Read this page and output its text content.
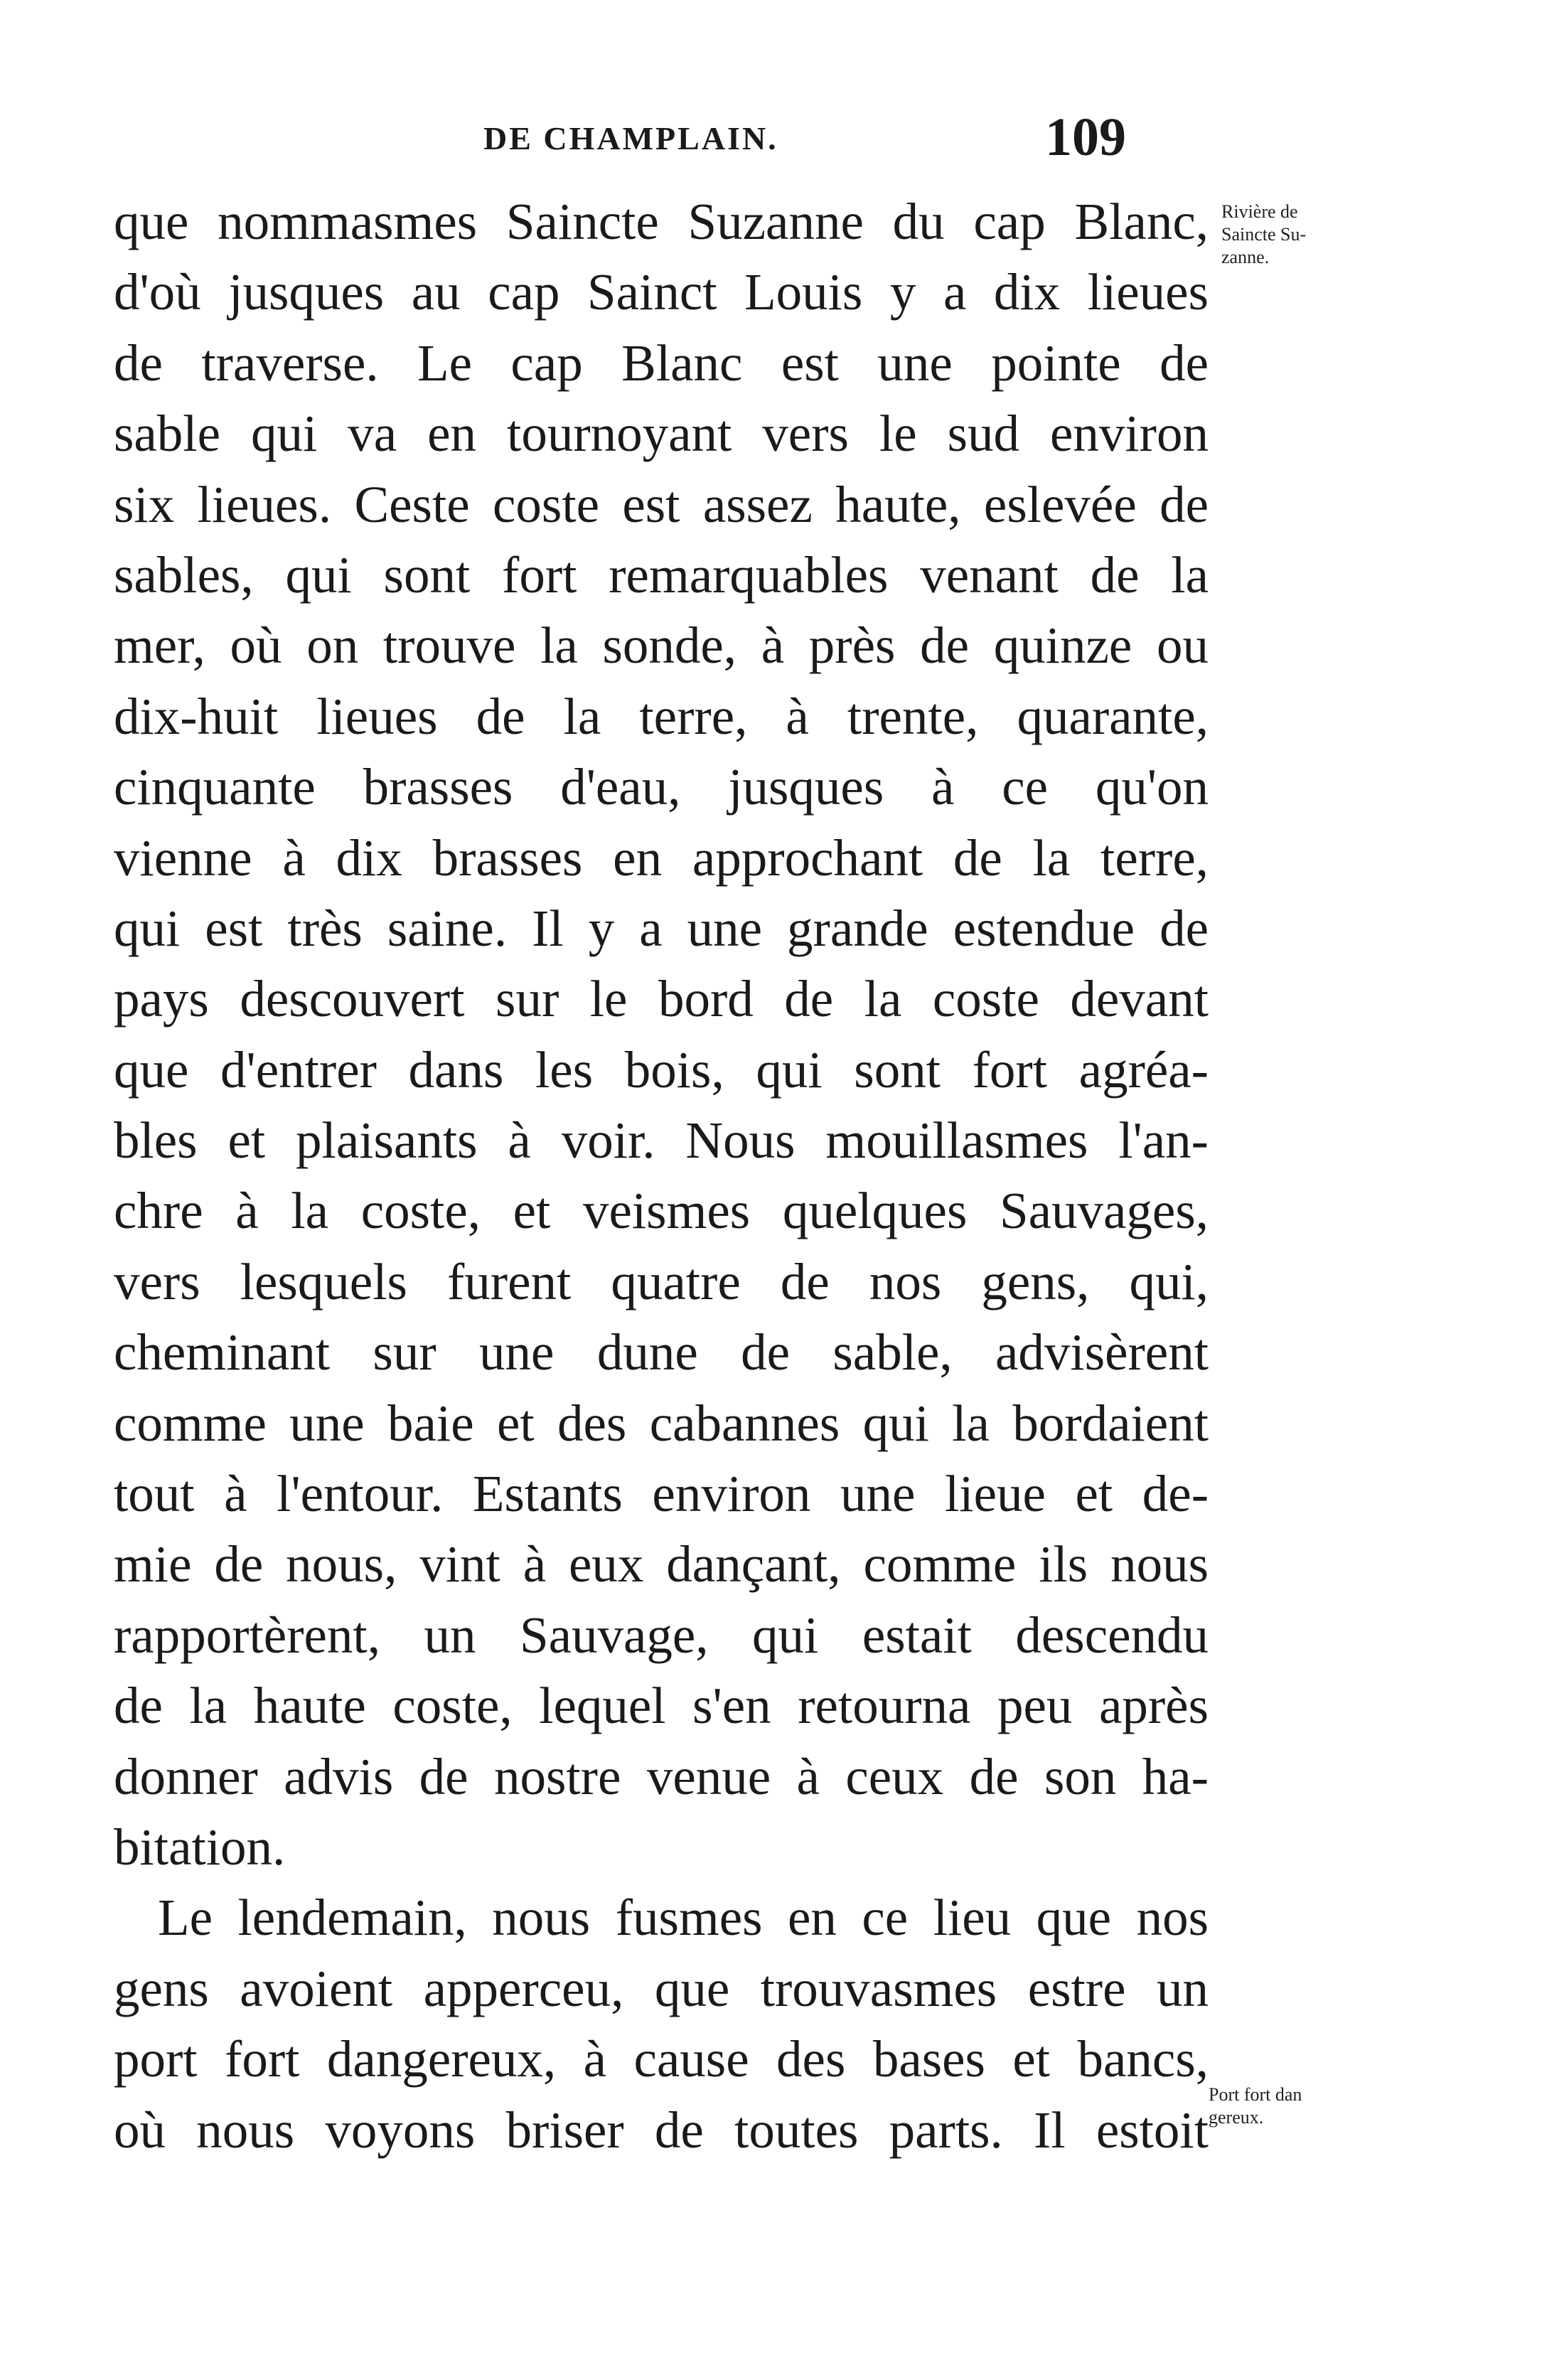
DE CHAMPLAIN.	109
que nommasmes Saincte Suzanne du cap Blanc,
d'où jusques au cap Sainct Louis y a dix lieues
de traverse. Le cap Blanc est une pointe de
sable qui va en tournoyant vers le sud environ
six lieues. Ceste coste est assez haute, eslevée de
sables, qui sont fort remarquables venant de la
mer, où on trouve la sonde, à près de quinze ou
dix-huit lieues de la terre, à trente, quarante,
cinquante brasses d'eau, jusques à ce qu'on
vienne à dix brasses en approchant de la terre,
qui est très saine. Il y a une grande estendue de
pays descouvert sur le bord de la coste devant
que d'entrer dans les bois, qui sont fort agréa-
bles et plaisants à voir. Nous mouillasmes l'an-
chre à la coste, et veismes quelques Sauvages,
vers lesquels furent quatre de nos gens, qui,
cheminant sur une dune de sable, advisèrent
comme une baie et des cabannes qui la bordaient
tout à l'entour. Estants environ une lieue et de-
mie de nous, vint à eux dançant, comme ils nous
rapportèrent, un Sauvage, qui estait descendu
de la haute coste, lequel s'en retourna peu après
donner advis de nostre venue à ceux de son ha-
bitation.
Le lendemain, nous fusmes en ce lieu que nos
gens avoient apperceu, que trouvasmes estre un
port fort dangereux, à cause des bases et bancs,
où nous voyons briser de toutes parts. Il estoit
Rivière de
Saincte Su-
zanne.
Port fort dan
gereux.
